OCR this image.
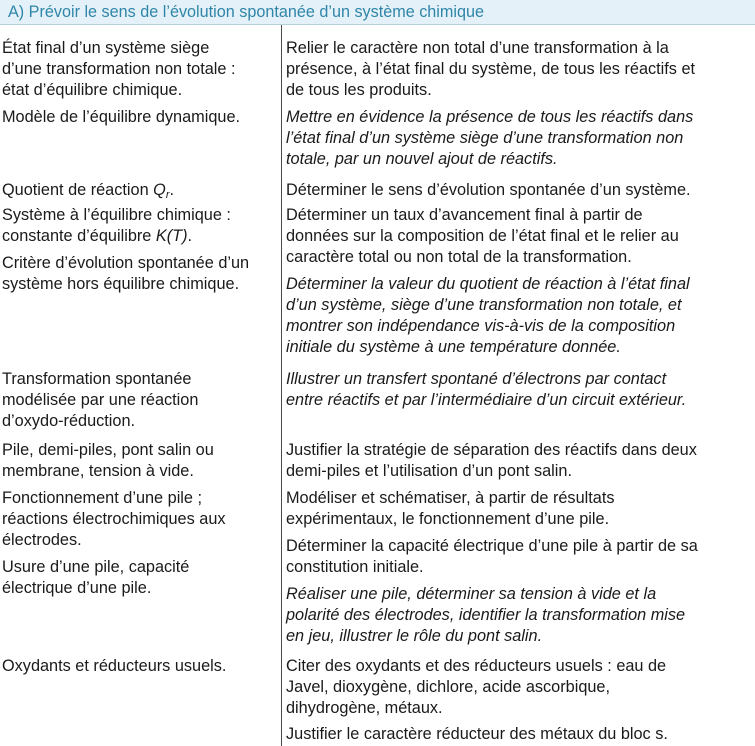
A) Prévoir le sens de l’évolution spontanée d’un système chimique
État final d’un système siège
d’une transformation non totale :
état d’équilibre chimique.
Modèle de l’équilibre dynamique.
Quotient de réaction $Q_r$.
Système à l’équilibre chimique :
constante d’équilibre K(T).
Critère d’évolution spontanée d’un
système hors équilibre chimique.
Transformation spontanée
modélisée par une réaction
d’oxydo-réduction.
Pile, demi-piles, pont salin ou
membrane, tension à vide.
Fonctionnement d’une pile ;
réactions électrochimiques aux
électrodes.
Usure d’une pile, capacité
électrique d’une pile.
Oxydants et réducteurs usuels.
Relier le caractère non total d’une transformation à la
présence, à l’état final du système, de tous les réactifs et
de tous les produits.
Mettre en évidence la présence de tous les réactifs dans
l’état final d’un système siège d’une transformation non
totale, par un nouvel ajout de réactifs.
Déterminer le sens d’évolution spontanée d’un système.
Déterminer un taux d’avancement final à partir de
données sur la composition de l’état final et le relier au
caractère total ou non total de la transformation.
Déterminer la valeur du quotient de réaction à l’état final
d’un système, siège d’une transformation non totale, et
montrer son indépendance vis-à-vis de la composition
initiale du système à une température donnée.
Illustrer un transfert spontané d’électrons par contact
entre réactifs et par l’intermédiaire d’un circuit extérieur.
Justifier la stratégie de séparation des réactifs dans deux
demi-piles et l’utilisation d’un pont salin.
Modéliser et schématiser, à partir de résultats
expérimentaux, le fonctionnement d’une pile.
Déterminer la capacité électrique d’une pile à partir de sa
constitution initiale.
Réaliser une pile, déterminer sa tension à vide et la
polarité des électrodes, identifier la transformation mise
en jeu, illustrer le rôle du pont salin.
Citer des oxydants et des réducteurs usuels : eau de
Javel, dioxygène, dichlore, acide ascorbique,
dihydrogène, métaux.
Justifier le caractère réducteur des métaux du bloc s.
